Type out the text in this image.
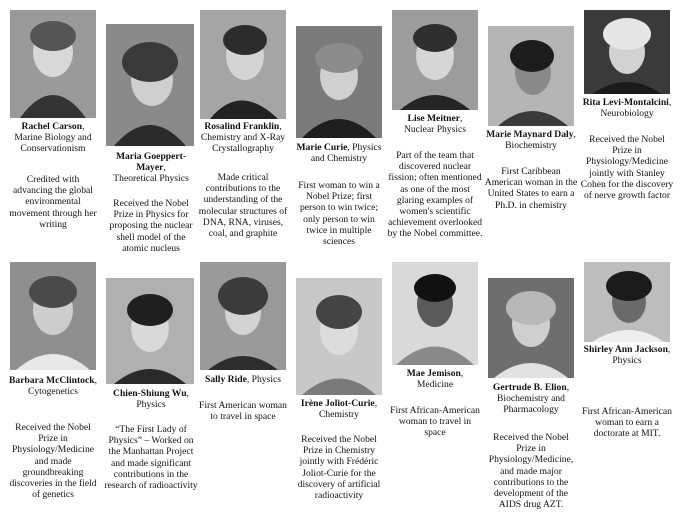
Rachel Carson,
Marine Biology and Conservationism
Credited with advancing the global environmental movement through her writing
Maria Goeppert-Mayer,
Theoretical Physics
Received the Nobel Prize in Physics for proposing the nuclear shell model of the atomic nucleus
Rosalind Franklin,
Chemistry and X-Ray Crystallography
Made critical contributions to the understanding of the molecular structures of DNA, RNA, viruses, coal, and graphite
Marie Curie, Physics and Chemistry
First woman to win a Nobel Prize; first person to win twice; only person to win twice in multiple sciences
Lise Meitner,
Nuclear Physics
Part of the team that discovered nuclear fission; often mentioned as one of the most glaring examples of women's scientific achievement overlooked by the Nobel committee.
Marie Maynard Daly,
Biochemistry
First Caribbean American woman in the United States to earn a Ph.D. in chemistry
Rita Levi-Montalcini,
Neurobiology
Received the Nobel Prize in Physiology/Medicine jointly with Stanley Cohen for the discovery of nerve growth factor
Barbara McClintock,
Cytogenetics
Received the Nobel Prize in Physiology/Medicine and made groundbreaking discoveries in the field of genetics
Chien-Shiung Wu,
Physics
“The First Lady of Physics” – Worked on the Manhattan Project and made significant contributions in the research of radioactivity
Sally Ride, Physics
First American woman to travel in space
Irène Joliot-Curie,
Chemistry
Received the Nobel Prize in Chemistry jointly with Frédéric Joliot-Curie for the discovery of artificial radioactivity
Mae Jemison,
Medicine
First African-American woman to travel in space
Gertrude B. Elion,
Biochemistry and Pharmacology
Received the Nobel Prize in Physiology/Medicine, and made major contributions to the development of the AIDS drug AZT.
Shirley Ann Jackson,
Physics
First African-American woman to earn a doctorate at MIT.
